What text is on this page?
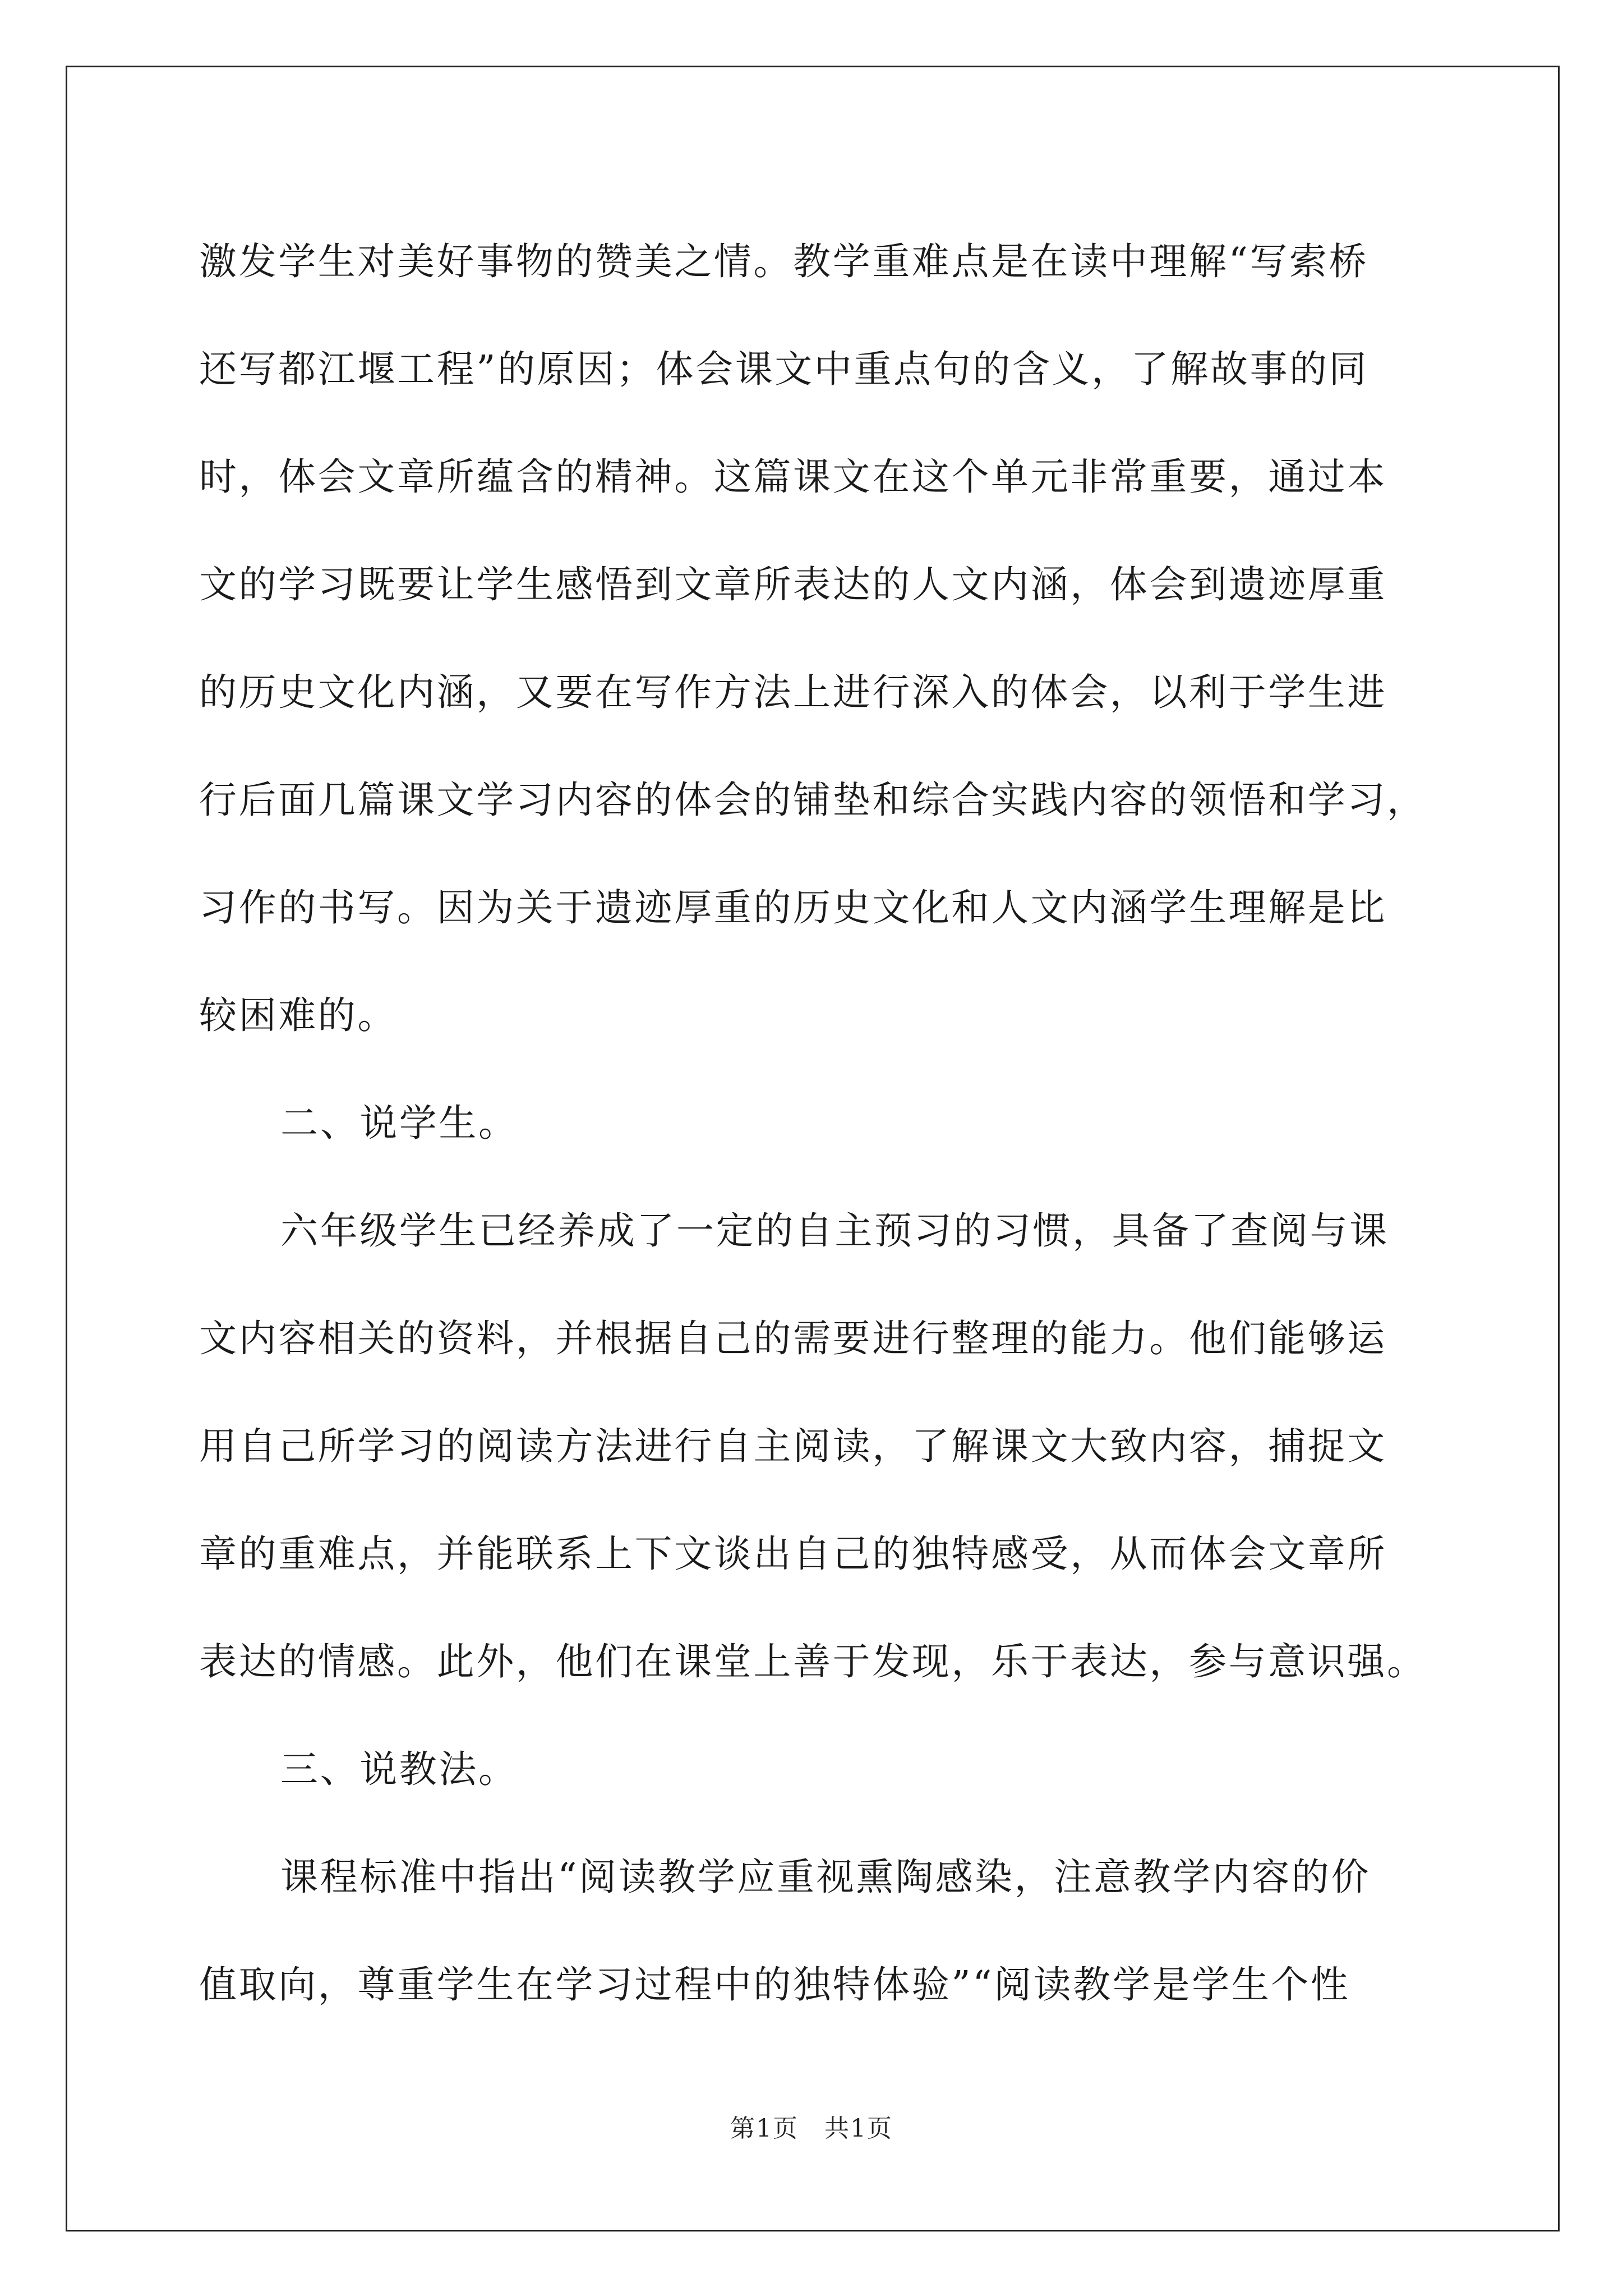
激发学生对美好事物的赞美之情。教学重难点是在读中理解“写索桥
还写都江堰工程”的原因；体会课文中重点句的含义，了解故事的同
时，体会文章所蕴含的精神。这篇课文在这个单元非常重要，通过本
文的学习既要让学生感悟到文章所表达的人文内涵，体会到遗迹厚重
的历史文化内涵，又要在写作方法上进行深入的体会，以利于学生进
行后面几篇课文学习内容的体会的铺垫和综合实践内容的领悟和学习，
习作的书写。因为关于遗迹厚重的历史文化和人文内涵学生理解是比
较困难的。
二、说学生。
六年级学生已经养成了一定的自主预习的习惯，具备了查阅与课
文内容相关的资料，并根据自己的需要进行整理的能力。他们能够运
用自己所学习的阅读方法进行自主阅读，了解课文大致内容，捕捉文
章的重难点，并能联系上下文谈出自己的独特感受，从而体会文章所
表达的情感。此外，他们在课堂上善于发现，乐于表达，参与意识强。
三、说教法。
课程标准中指出“阅读教学应重视熏陶感染，注意教学内容的价
值取向，尊重学生在学习过程中的独特体验”“阅读教学是学生个性
第1页　共1页
